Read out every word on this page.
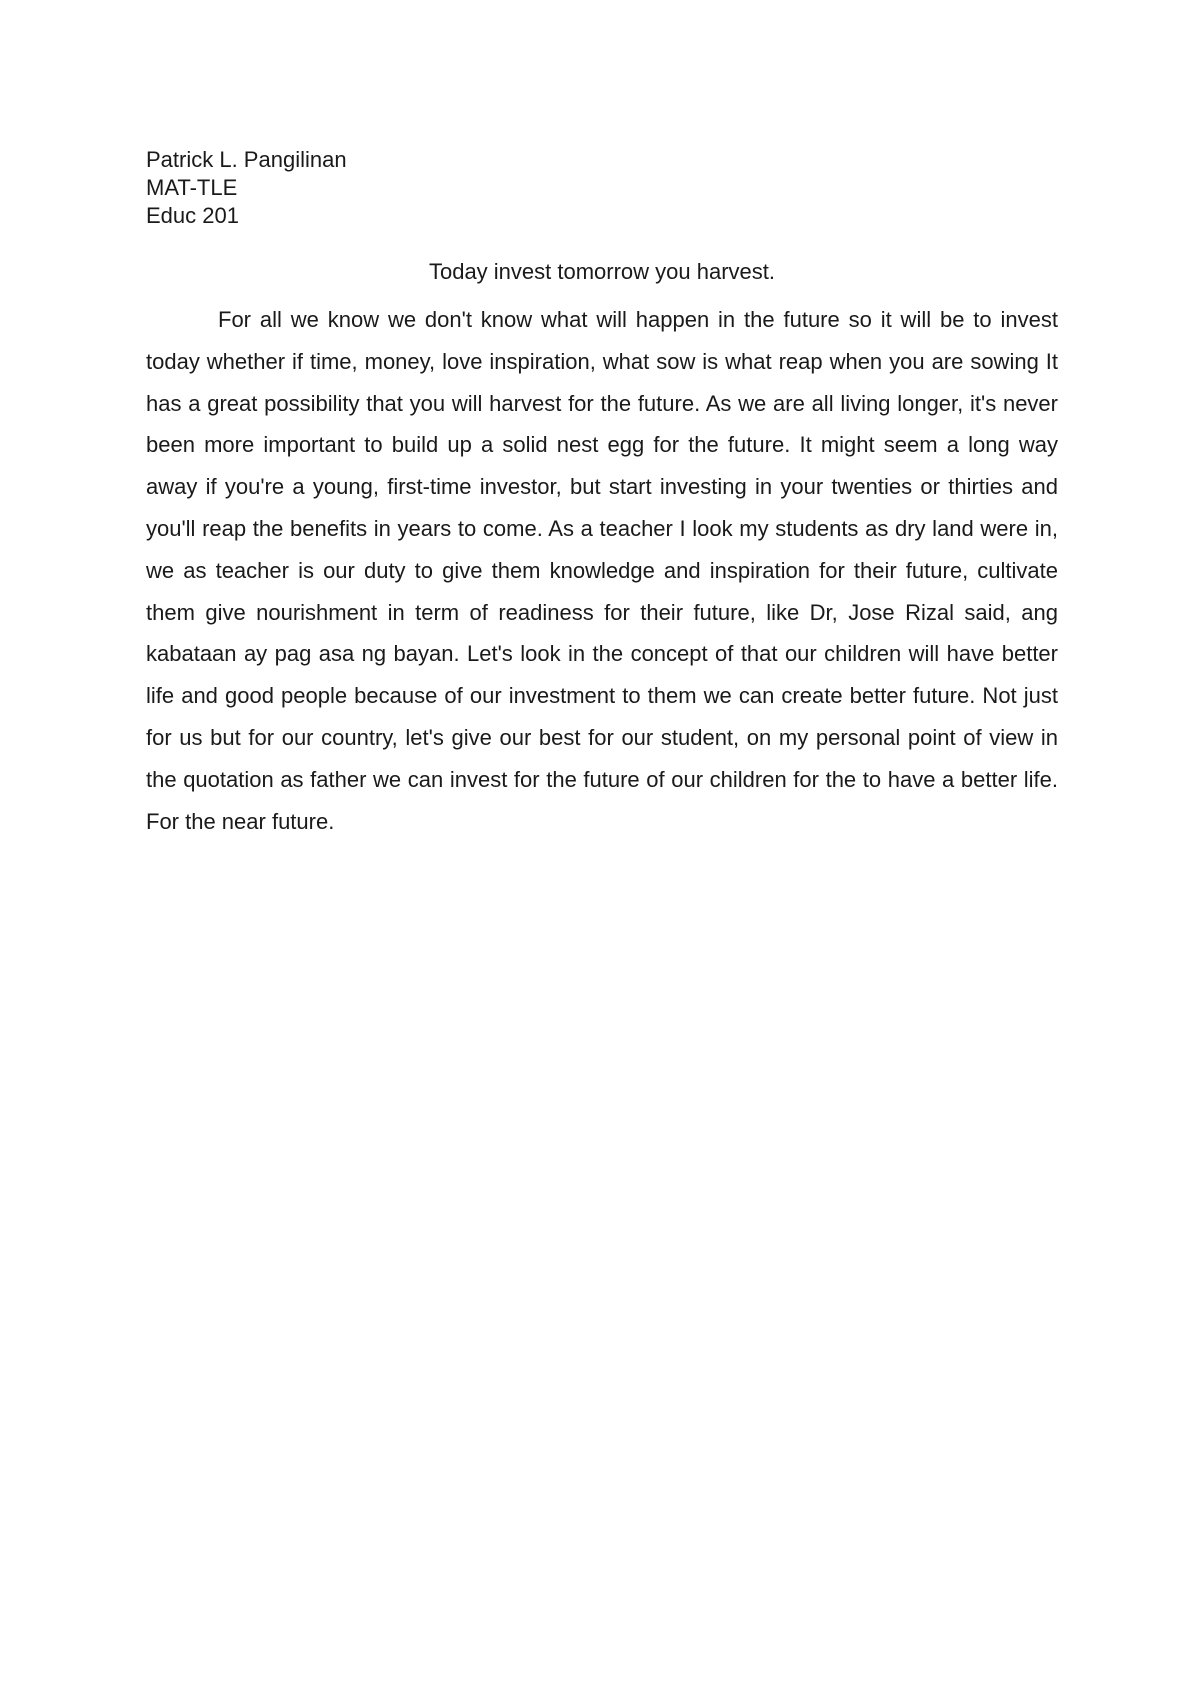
Patrick L. Pangilinan
MAT-TLE
Educ 201
Today invest tomorrow you harvest.

For all we know we don't know what will happen in the future so it will be to invest today whether if time, money, love inspiration, what sow is what reap when you are sowing It has a great possibility that you will harvest for the future. As we are all living longer, it's never been more important to build up a solid nest egg for the future. It might seem a long way away if you're a young, first-time investor, but start investing in your twenties or thirties and you'll reap the benefits in years to come. As a teacher I look my students as dry land were in, we as teacher is our duty to give them knowledge and inspiration for their future, cultivate them give nourishment in term of readiness for their future, like Dr, Jose Rizal said, ang kabataan ay pag asa ng bayan. Let's look in the concept of that our children will have better life and good people because of our investment to them we can create better future. Not just for us but for our country, let's give our best for our student, on my personal point of view in the quotation as father we can invest for the future of our children for the to have a better life. For the near future.
